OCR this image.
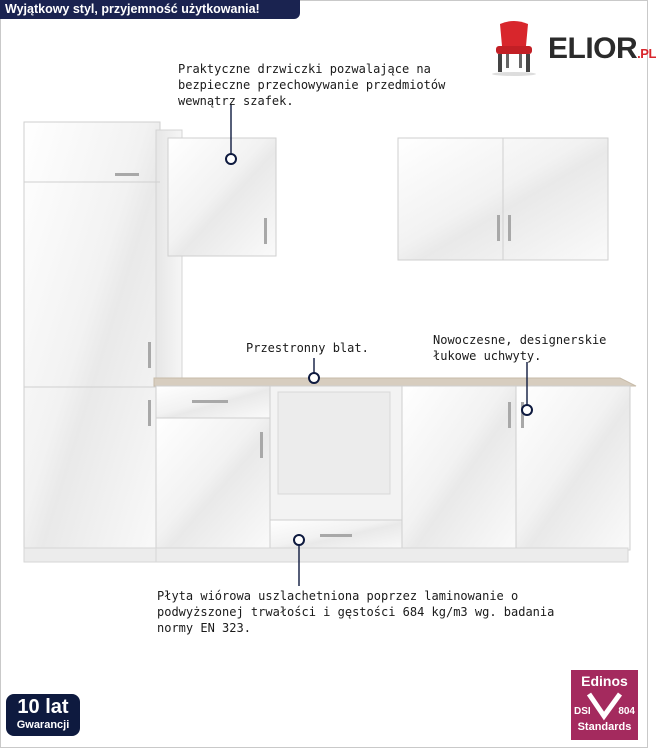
Wyjątkowy styl, przyjemność użytkowania!
ELIOR.PL
Praktyczne drzwiczki pozwalające na bezpieczne przechowywanie przedmiotów wewnątrz szafek.
Przestronny blat.
Nowoczesne, designerskie łukowe uchwyty.
Płyta wiórowa uszlachetniona poprzez laminowanie o podwyższonej trwałości i gęstości 684 kg/m3 wg. badania normy EN 323.
10 lat
Gwarancji
Edinos
DSI	804
Standards
